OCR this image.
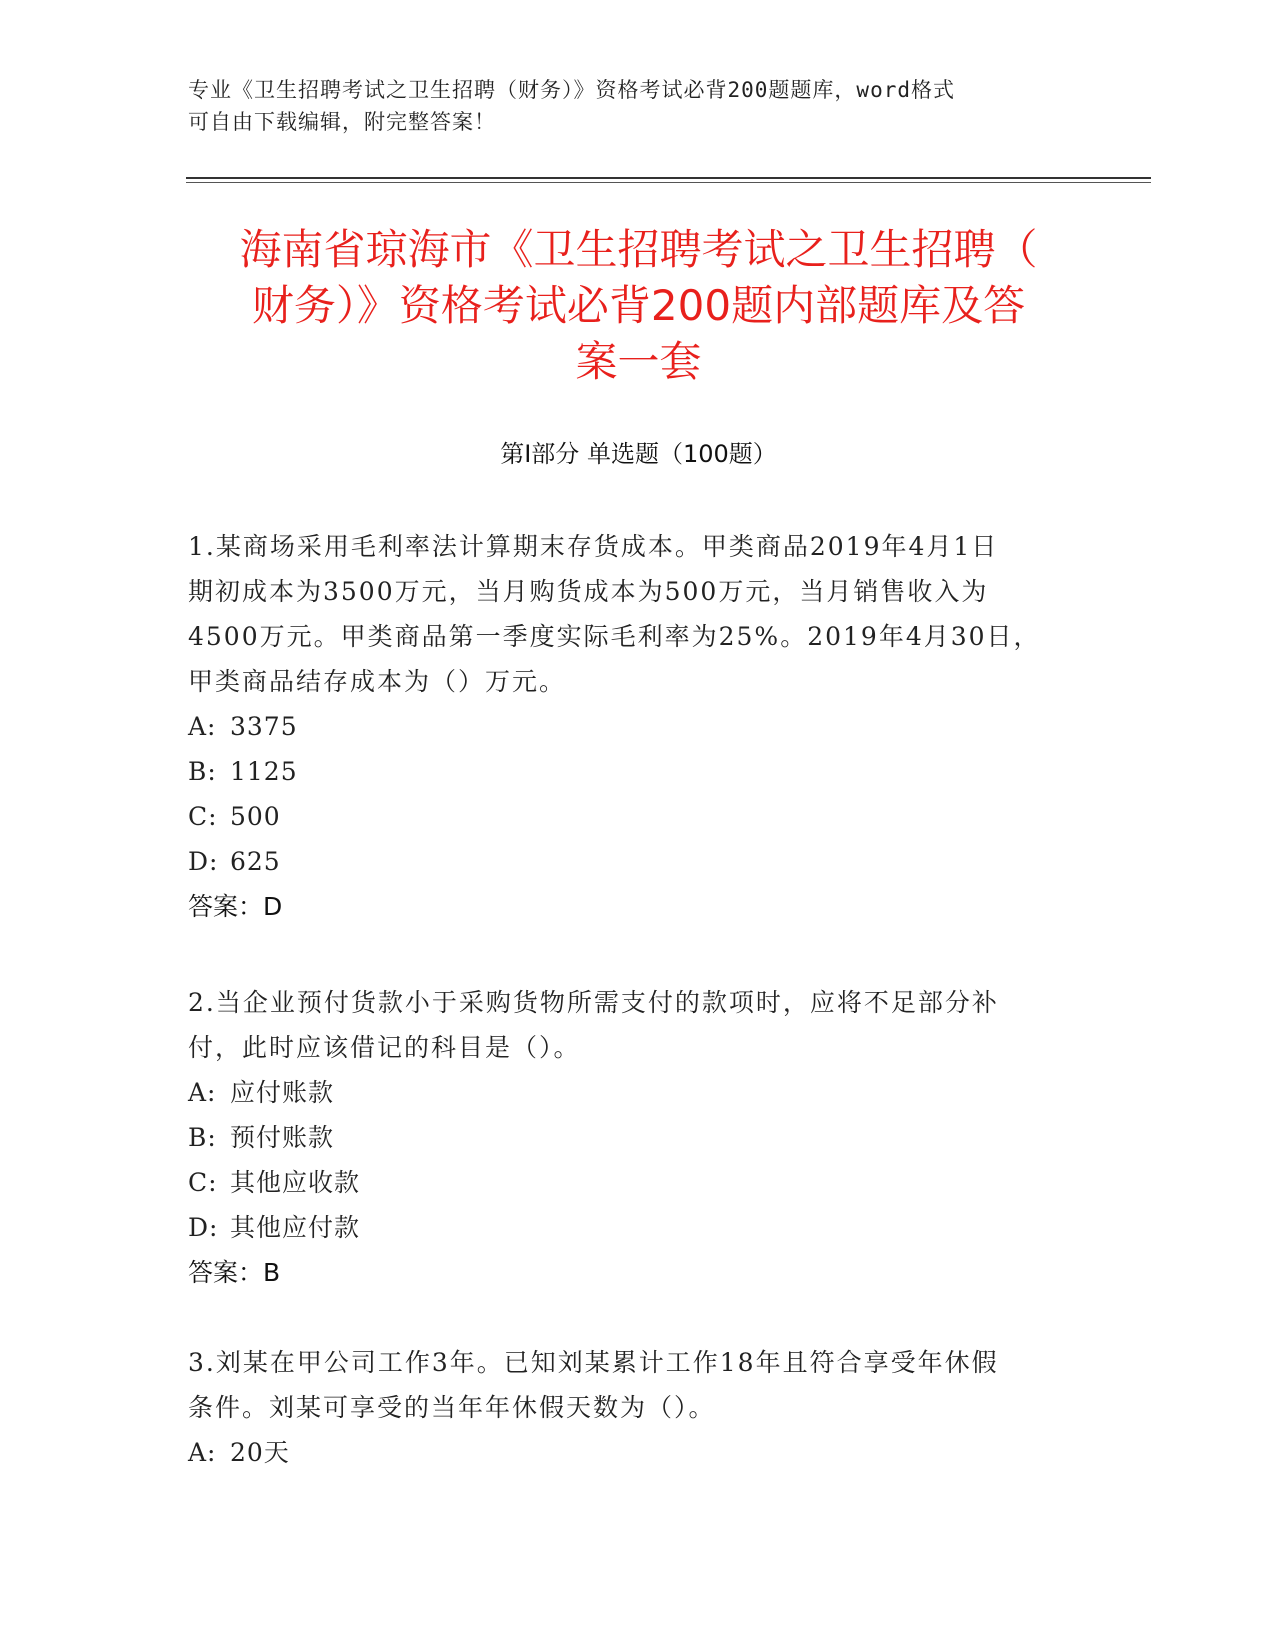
专业《卫生招聘考试之卫生招聘（财务）》资格考试必背200题题库，word格式
可自由下载编辑，附完整答案！
海南省琼海市《卫生招聘考试之卫生招聘（
财务）》资格考试必背200题内部题库及答
案一套
第I部分 单选题（100题）
1.某商场采用毛利率法计算期末存货成本。甲类商品2019年4月1日
期初成本为3500万元，当月购货成本为500万元，当月销售收入为
4500万元。甲类商品第一季度实际毛利率为25%。2019年4月30日，
甲类商品结存成本为（）万元。
A: 3375
B: 1125
C: 500
D: 625
答案：D
2.当企业预付货款小于采购货物所需支付的款项时，应将不足部分补
付，此时应该借记的科目是（）。
A: 应付账款
B: 预付账款
C: 其他应收款
D: 其他应付款
答案：B
3.刘某在甲公司工作3年。已知刘某累计工作18年且符合享受年休假
条件。刘某可享受的当年年休假天数为（）。
A: 20天
